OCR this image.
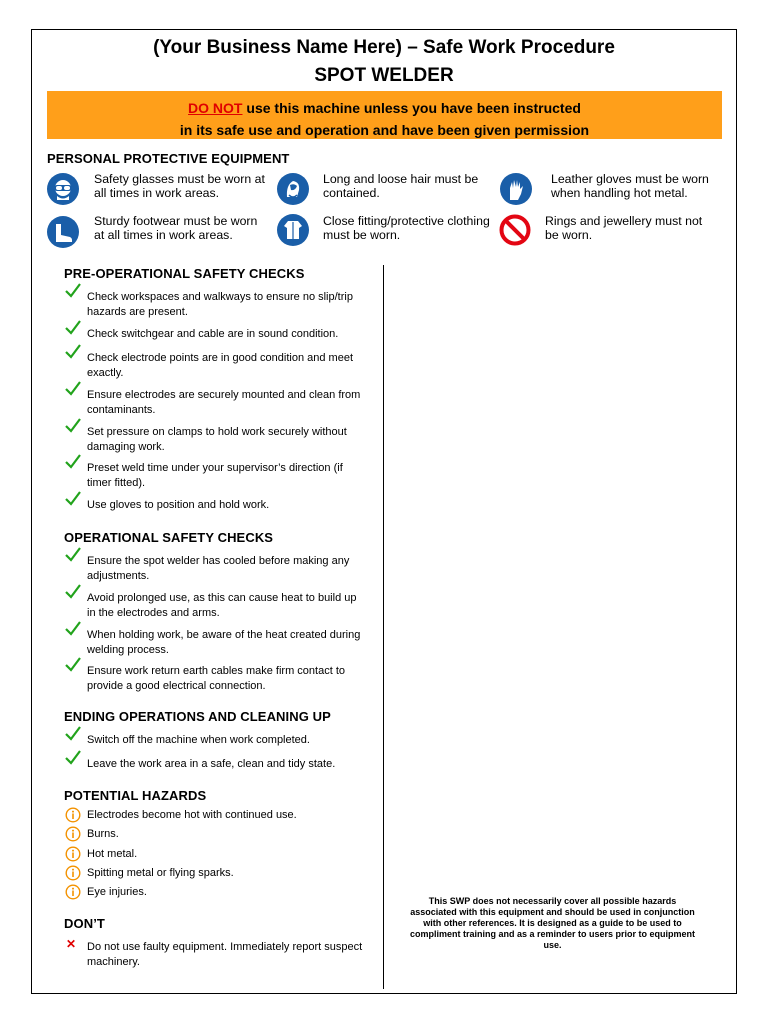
(Your Business Name Here) – Safe Work Procedure
SPOT WELDER
DO NOT use this machine unless you have been instructed
in its safe use and operation and have been given permission
PERSONAL PROTECTIVE EQUIPMENT
Safety glasses must be worn at all times in work areas.
Long and loose hair must be contained.
Leather gloves must be worn when handling hot metal.
Sturdy footwear must be worn at all times in work areas.
Close fitting/protective clothing must be worn.
Rings and jewellery must not be worn.
PRE-OPERATIONAL SAFETY CHECKS
Check workspaces and walkways to ensure no slip/trip hazards are present.
Check switchgear and cable are in sound condition.
Check electrode points are in good condition and meet exactly.
Ensure electrodes are securely mounted and clean from contaminants.
Set pressure on clamps to hold work securely without damaging work.
Preset weld time under your supervisor’s direction (if timer fitted).
Use gloves to position and hold work.
OPERATIONAL SAFETY CHECKS
Ensure the spot welder has cooled before making any adjustments.
Avoid prolonged use, as this can cause heat to build up in the electrodes and arms.
When holding work, be aware of the heat created during welding process.
Ensure work return earth cables make firm contact to provide a good electrical connection.
ENDING OPERATIONS AND CLEANING UP
Switch off the machine when work completed.
Leave the work area in a safe, clean and tidy state.
POTENTIAL HAZARDS
Electrodes become hot with continued use.
Burns.
Hot metal.
Spitting metal or flying sparks.
Eye injuries.
DON’T
✕ Do not use faulty equipment. Immediately report suspect machinery.
This SWP does not necessarily cover all possible hazards associated with this equipment and should be used in conjunction with other references. It is designed as a guide to be used to compliment training and as a reminder to users prior to equipment use.
